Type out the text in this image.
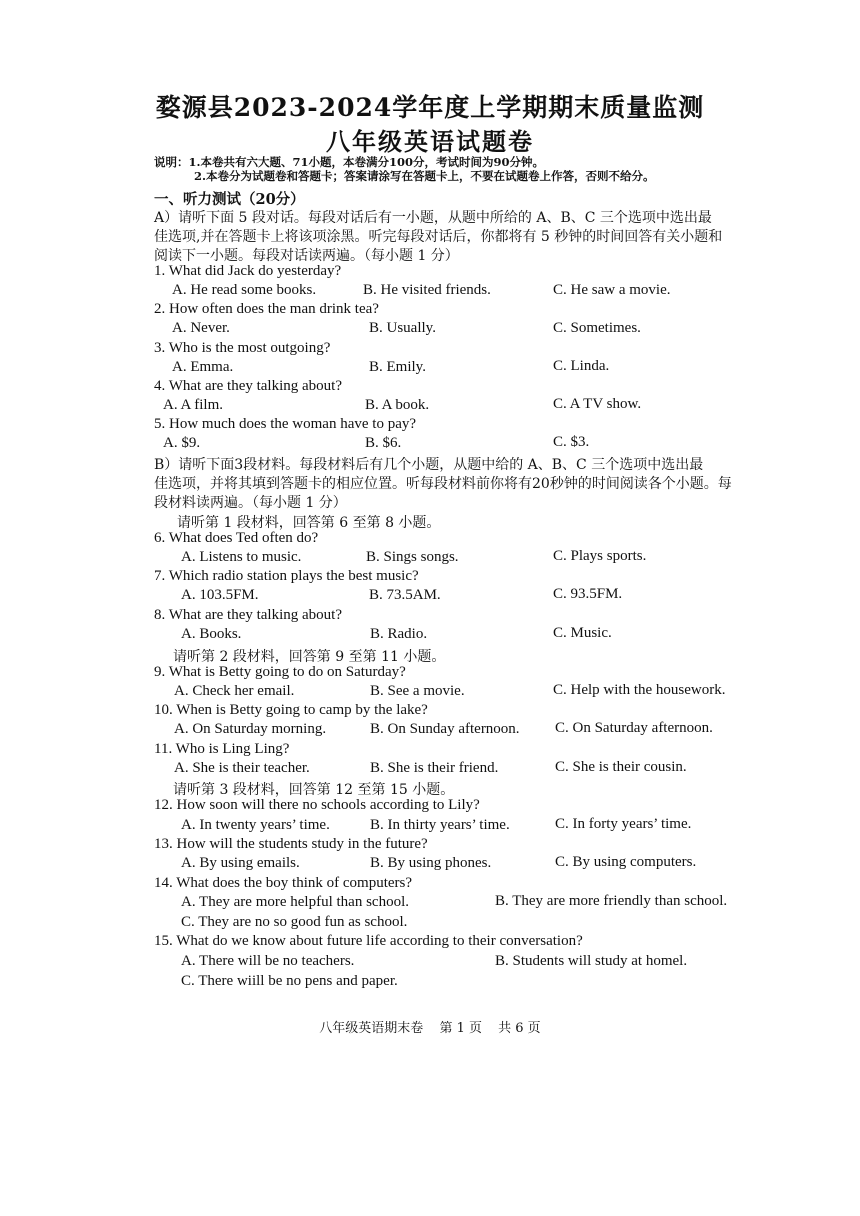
婺源县2023-2024学年度上学期期末质量监测
八年级英语试题卷
说明：1.本卷共有六大题、71小题，本卷满分100分，考试时间为90分钟。
2.本卷分为试题卷和答题卡；答案请涂写在答题卡上，不要在试题卷上作答，否则不给分。
一、听力测试（20分）
A）请听下面 5 段对话。每段对话后有一小题，从题中所给的 A、B、C 三个选项中选出最
佳选项,并在答题卡上将该项涂黑。听完每段对话后，你都将有 5 秒钟的时间回答有关小题和
阅读下一小题。每段对话读两遍。（每小题 1 分）
1. What did Jack do yesterday?
A. He read some books.	B. He visited friends.	C. He saw a movie.
2. How often does the man drink tea?
A. Never.	B. Usually.	C. Sometimes.
3. Who is the most outgoing?
A. Emma.	B. Emily.	C. Linda.
4. What are they talking about?
A. A film.	B. A book.	C. A TV show.
5. How much does the woman have to pay?
A. $9.	B. $6.	C. $3.
B）请听下面3段材料。每段材料后有几个小题，从题中给的 A、B、C 三个选项中选出最
佳选项，并将其填到答题卡的相应位置。听每段材料前你将有20秒钟的时间阅读各个小题。每
段材料读两遍。（每小题 1 分）
请听第 1 段材料，回答第 6 至第 8 小题。
6. What does Ted often do?
A. Listens to music.	B. Sings songs.	C. Plays sports.
7. Which radio station plays the best music?
A. 103.5FM.	B. 73.5AM.	C. 93.5FM.
8. What are they talking about?
A. Books.	B. Radio.	C. Music.
请听第 2 段材料，回答第 9 至第 11 小题。
9. What is Betty going to do on Saturday?
A. Check her email.	B. See a movie.	C. Help with the housework.
10. When is Betty going to camp by the lake?
A. On Saturday morning.	B. On Sunday afternoon. C. On Saturday afternoon.
11. Who is Ling Ling?
A. She is their teacher.	B. She is their friend.	C. She is their cousin.
请听第 3 段材料，回答第 12 至第 15 小题。
12. How soon will there no schools according to Lily?
A. In twenty years’ time.	B. In thirty years’ time.	C. In forty years’ time.
13. How will the students study in the future?
A. By using emails.	B. By using phones.	C. By using computers.
14. What does the boy think of computers?
A. They are more helpful than school.	B. They are more friendly than school.
C. They are no so good fun as school.
15. What do we know about future life according to their conversation?
A. There will be no teachers.	B. Students will study at homel.
C. There wiill be no pens and paper.
八年级英语期末卷 第 1 页 共 6 页
